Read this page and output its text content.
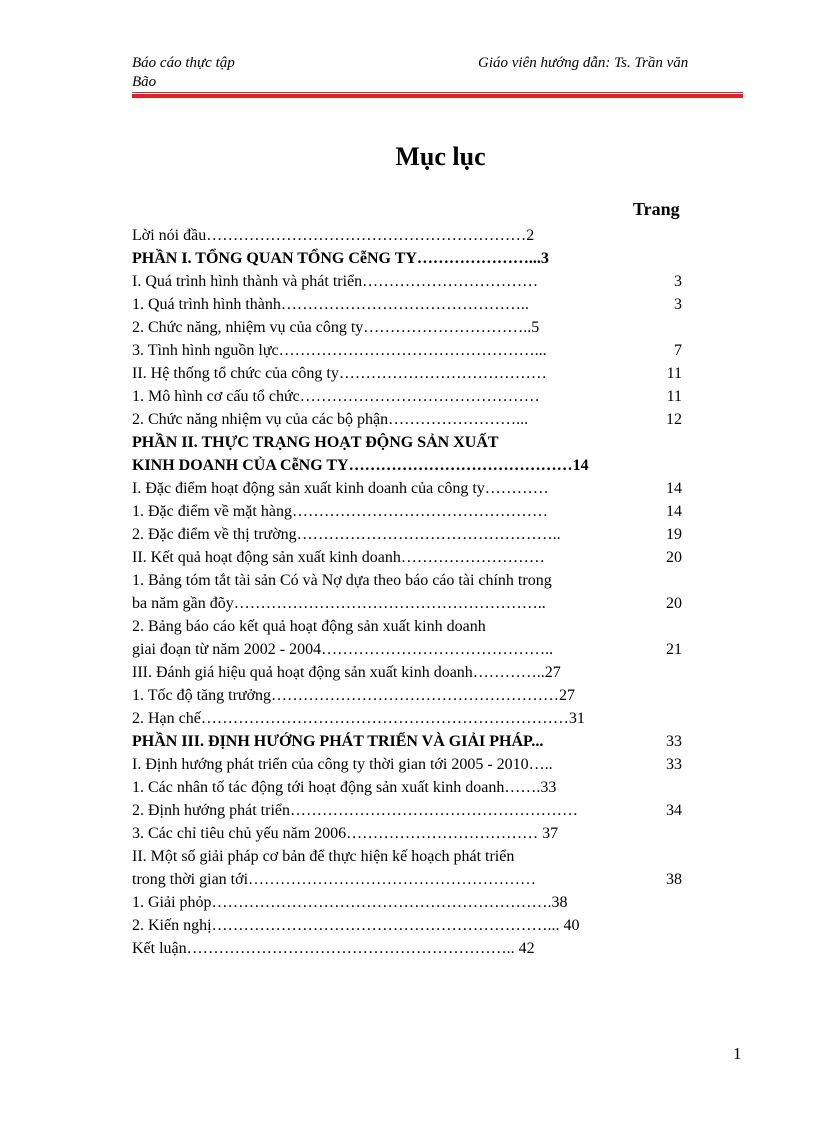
Báo cáo thực tập
Bão
Giáo viên hướng dẫn: Ts. Trần văn
Mục lục
Trang
Lời nói đầu……………………………………………………2
PHẦN I. TỔNG QUAN TỔNG CễNG TY…………………...3
I. Quá trình hình thành và phát triển……………………………	3
1. Quá trình hình thành………………………………………..	3
2. Chức năng, nhiệm vụ của công ty…………………………..5
3. Tình hình nguồn lực…………………………………………...	7
II. Hệ thống tổ chức của công ty…………………………………	11
1. Mô hình cơ cấu tổ chức………………………………………	11
2. Chức năng nhiệm vụ của các bộ phận……………………...	12
PHẦN II. THỰC TRẠNG HOẠT ĐỘNG SẢN XUẤT
KINH DOANH CỦA CễNG TY……………………………………14
I. Đặc điểm hoạt động sản xuất kinh doanh của công ty…………	14
1. Đặc điểm về mặt hàng…………………………………………	14
2. Đặc điểm về thị trường…………………………………………..	19
II. Kết quả hoạt động sản xuất kinh doanh………………………	20
1. Bảng tóm tắt tài sản Có và Nợ dựa theo báo cáo tài chính trong
ba năm gần đõy…………………………………………………..	20
2. Bảng báo cáo kết quả hoạt động sản xuất kinh doanh
giai đoạn từ năm 2002 - 2004……………………………………..	21
III. Đánh giá hiệu quả hoạt động sản xuất kinh doanh…………..27
1. Tốc độ tăng trưởng………………………………………………27
2. Hạn chế……………………………………………………………31
PHẦN III. ĐỊNH HƯỚNG PHÁT TRIỂN VÀ GIẢI PHÁP...	33
I. Định hướng phát triển của công ty thời gian tới 2005 - 2010…..	33
1. Các nhân tố tác động tới hoạt động sản xuất kinh doanh…….33
2. Định hướng phát triển………………………………………………	34
3. Các chỉ tiêu chủ yếu năm 2006……………………………… 37
II. Một số giải pháp cơ bản để thực hiện kế hoạch phát triển
trong thời gian tới………………………………………………	38
1. Giải phỏp……………………………………………………….38
2. Kiến nghị………………………………………………………... 40
Kết luận…………………………………………………….. 42
1
